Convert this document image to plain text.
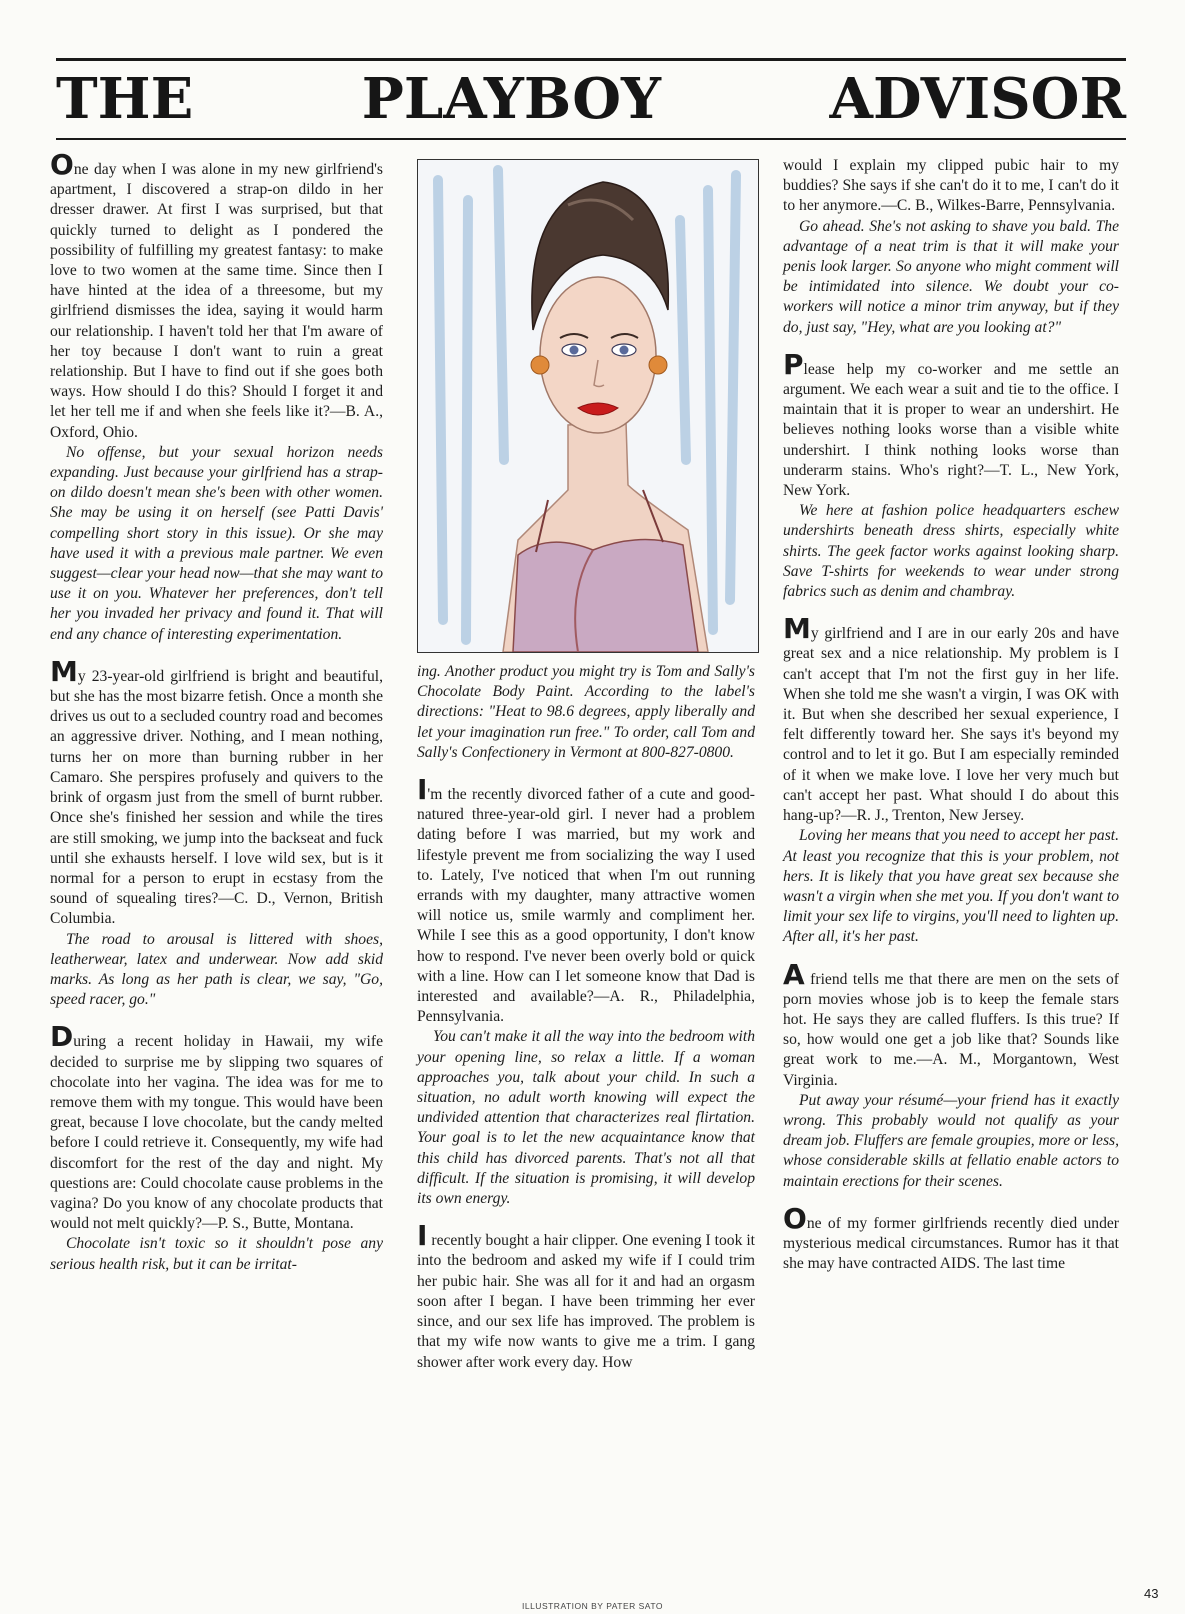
THE	PLAYBOY	ADVISOR

One day when I was alone in my new girlfriend's apartment, I discovered a strap-on dildo in her dresser drawer. At first I was surprised, but that quickly turned to delight as I pondered the possibility of fulfilling my greatest fantasy: to make love to two women at the same time. Since then I have hinted at the idea of a threesome, but my girlfriend dismisses the idea, saying it would harm our relationship. I haven't told her that I'm aware of her toy because I don't want to ruin a great relationship. But I have to find out if she goes both ways. How should I do this? Should I forget it and let her tell me if and when she feels like it?—B. A., Oxford, Ohio.

No offense, but your sexual horizon needs expanding. Just because your girlfriend has a strap-on dildo doesn't mean she's been with other women. She may be using it on herself (see Patti Davis' compelling short story in this issue). Or she may have used it with a previous male partner. We even suggest—clear your head now—that she may want to use it on you. Whatever her preferences, don't tell her you invaded her privacy and found it. That will end any chance of interesting experimentation.

My 23-year-old girlfriend is bright and beautiful, but she has the most bizarre fetish. Once a month she drives us out to a secluded country road and becomes an aggressive driver. Nothing, and I mean nothing, turns her on more than burning rubber in her Camaro. She perspires profusely and quivers to the brink of orgasm just from the smell of burnt rubber. Once she's finished her session and while the tires are still smoking, we jump into the backseat and fuck until she exhausts herself. I love wild sex, but is it normal for a person to erupt in ecstasy from the sound of squealing tires?—C. D., Vernon, British Columbia.

The road to arousal is littered with shoes, leatherwear, latex and underwear. Now add skid marks. As long as her path is clear, we say, "Go, speed racer, go."

During a recent holiday in Hawaii, my wife decided to surprise me by slipping two squares of chocolate into her vagina. The idea was for me to remove them with my tongue. This would have been great, because I love chocolate, but the candy melted before I could retrieve it. Consequently, my wife had discomfort for the rest of the day and night. My questions are: Could chocolate cause problems in the vagina? Do you know of any chocolate products that would not melt quickly?—P. S., Butte, Montana.

Chocolate isn't toxic so it shouldn't pose any serious health risk, but it can be irritat-

ing. Another product you might try is Tom and Sally's Chocolate Body Paint. According to the label's directions: "Heat to 98.6 degrees, apply liberally and let your imagination run free." To order, call Tom and Sally's Confectionery in Vermont at 800-827-0800.

I'm the recently divorced father of a cute and good-natured three-year-old girl. I never had a problem dating before I was married, but my work and lifestyle prevent me from socializing the way I used to. Lately, I've noticed that when I'm out running errands with my daughter, many attractive women will notice us, smile warmly and compliment her. While I see this as a good opportunity, I don't know how to respond. I've never been overly bold or quick with a line. How can I let someone know that Dad is interested and available?—A. R., Philadelphia, Pennsylvania.

You can't make it all the way into the bedroom with your opening line, so relax a little. If a woman approaches you, talk about your child. In such a situation, no adult worth knowing will expect the undivided attention that characterizes real flirtation. Your goal is to let the new acquaintance know that this child has divorced parents. That's not all that difficult. If the situation is promising, it will develop its own energy.

I recently bought a hair clipper. One evening I took it into the bedroom and asked my wife if I could trim her pubic hair. She was all for it and had an orgasm soon after I began. I have been trimming her ever since, and our sex life has improved. The problem is that my wife now wants to give me a trim. I gang shower after work every day. How

would I explain my clipped pubic hair to my buddies? She says if she can't do it to me, I can't do it to her anymore.—C. B., Wilkes-Barre, Pennsylvania.

Go ahead. She's not asking to shave you bald. The advantage of a neat trim is that it will make your penis look larger. So anyone who might comment will be intimidated into silence. We doubt your co-workers will notice a minor trim anyway, but if they do, just say, "Hey, what are you looking at?"

Please help my co-worker and me settle an argument. We each wear a suit and tie to the office. I maintain that it is proper to wear an undershirt. He believes nothing looks worse than a visible white undershirt. I think nothing looks worse than underarm stains. Who's right?—T. L., New York, New York.

We here at fashion police headquarters eschew undershirts beneath dress shirts, especially white shirts. The geek factor works against looking sharp. Save T-shirts for weekends to wear under strong fabrics such as denim and chambray.

My girlfriend and I are in our early 20s and have great sex and a nice relationship. My problem is I can't accept that I'm not the first guy in her life. When she told me she wasn't a virgin, I was OK with it. But when she described her sexual experience, I felt differently toward her. She says it's beyond my control and to let it go. But I am especially reminded of it when we make love. I love her very much but can't accept her past. What should I do about this hang-up?—R. J., Trenton, New Jersey.

Loving her means that you need to accept her past. At least you recognize that this is your problem, not hers. It is likely that you have great sex because she wasn't a virgin when she met you. If you don't want to limit your sex life to virgins, you'll need to lighten up. After all, it's her past.

A friend tells me that there are men on the sets of porn movies whose job is to keep the female stars hot. He says they are called fluffers. Is this true? If so, how would one get a job like that? Sounds like great work to me.—A. M., Morgantown, West Virginia.

Put away your résumé—your friend has it exactly wrong. This probably would not qualify as your dream job. Fluffers are female groupies, more or less, whose considerable skills at fellatio enable actors to maintain erections for their scenes.

One of my former girlfriends recently died under mysterious medical circumstances. Rumor has it that she may have contracted AIDS. The last time

43
ILLUSTRATION BY PATER SATO
